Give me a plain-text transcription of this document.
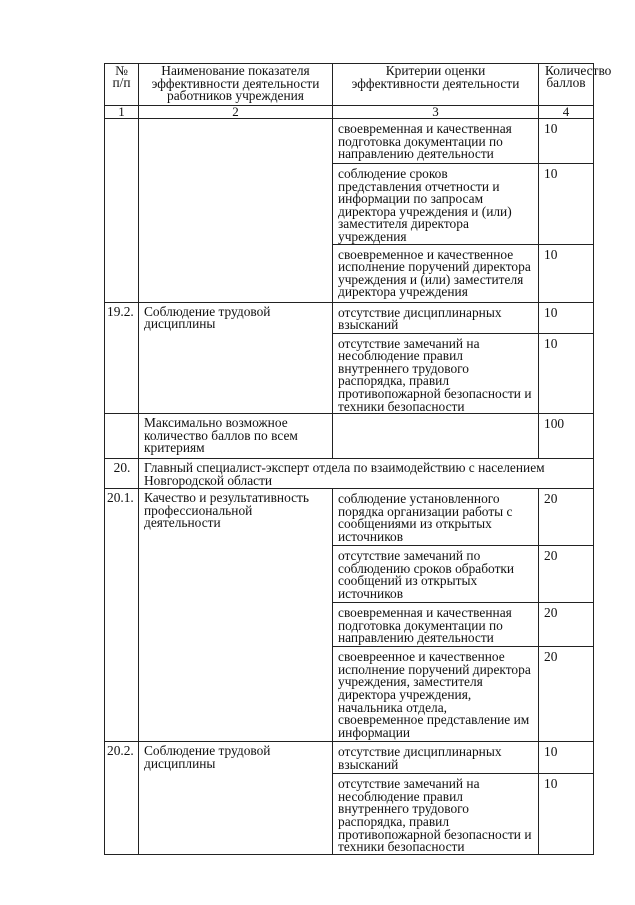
№ п/п	Наименование показателя эффективности деятельности работников учреждения	Критерии оценки эффективности деятельности	Количество баллов
1	2	3	4
		своевременная и качественная подготовка документации по направлению деятельности	10
		соблюдение сроков представления отчетности и информации по запросам директора учреждения и (или) заместителя директора учреждения	10
		своевременное и качественное исполнение поручений директора учреждения и (или) заместителя директора учреждения	10
19.2.	Соблюдение трудовой дисциплины	отсутствие дисциплинарных взысканий	10
		отсутствие замечаний на несоблюдение правил внутреннего трудового распорядка, правил противопожарной безопасности и техники безопасности	10
	Максимально возможное количество баллов по всем критериям		100
20.	Главный специалист-эксперт отдела по взаимодействию с населением Новгородской области		
20.1.	Качество и результативность профессиональной деятельности	соблюдение установленного порядка организации работы с сообщениями из открытых источников	20
		отсутствие замечаний по соблюдению сроков обработки сообщений из открытых источников	20
		своевременная и качественная подготовка документации по направлению деятельности	20
		своевреенное и качественное исполнение поручений директора учреждения, заместителя директора учреждения, начальника отдела, своевременное представление им информации	20
20.2.	Соблюдение трудовой дисциплины	отсутствие дисциплинарных взысканий	10
		отсутствие замечаний на несоблюдение правил внутреннего трудового распорядка, правил противопожарной безопасности и техники безопасности	10
